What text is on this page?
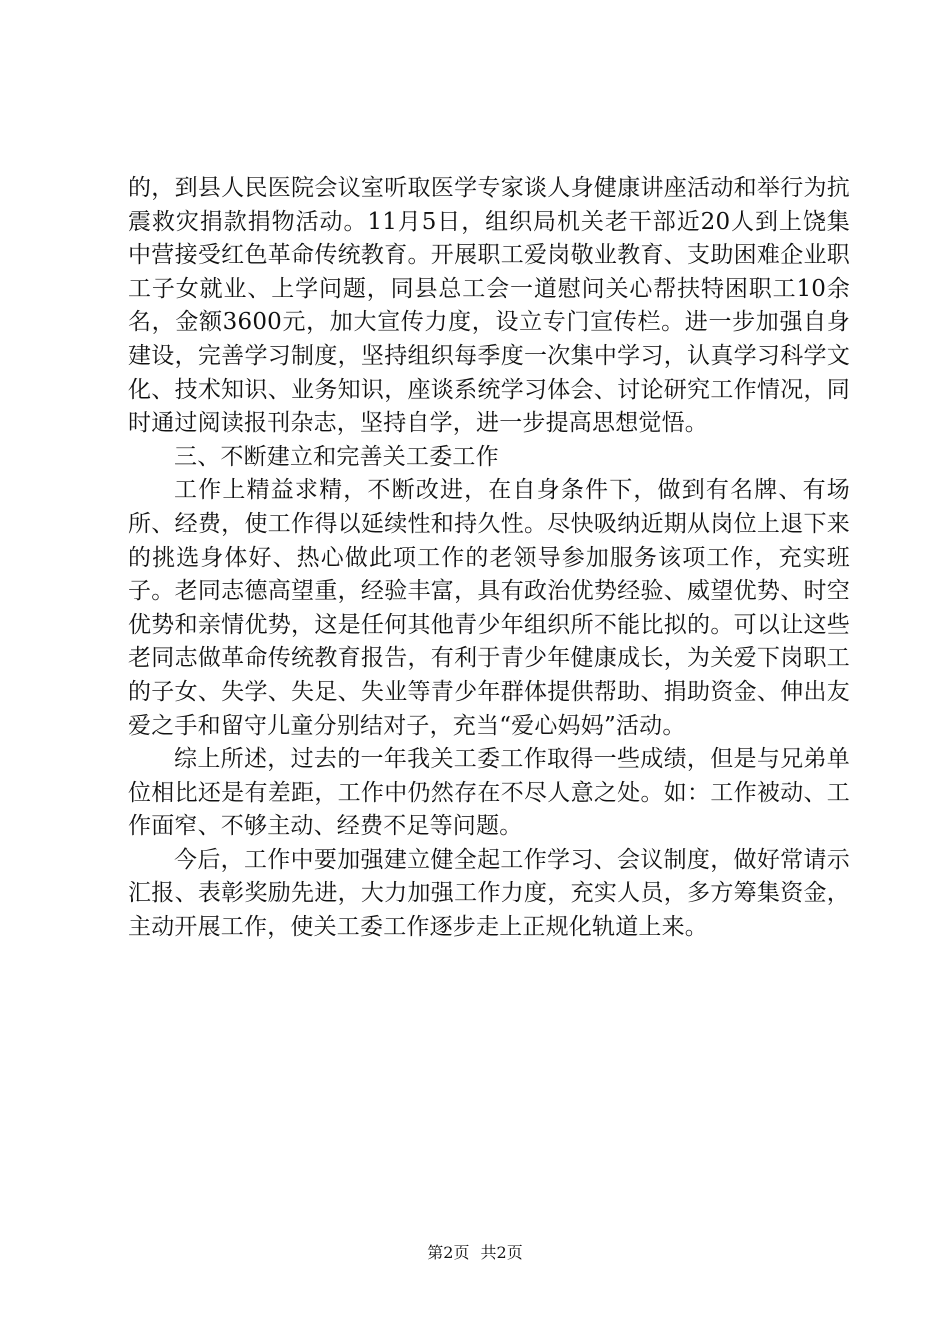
的，到县人民医院会议室听取医学专家谈人身健康讲座活动和举行为抗震救灾捐款捐物活动。11月5日，组织局机关老干部近20人到上饶集中营接受红色革命传统教育。开展职工爱岗敬业教育、支助困难企业职工子女就业、上学问题，同县总工会一道慰问关心帮扶特困职工10余名，金额3600元，加大宣传力度，设立专门宣传栏。进一步加强自身建设，完善学习制度，坚持组织每季度一次集中学习，认真学习科学文化、技术知识、业务知识，座谈系统学习体会、讨论研究工作情况，同时通过阅读报刊杂志，坚持自学，进一步提高思想觉悟。

三、不断建立和完善关工委工作

工作上精益求精，不断改进，在自身条件下，做到有名牌、有场所、经费，使工作得以延续性和持久性。尽快吸纳近期从岗位上退下来的挑选身体好、热心做此项工作的老领导参加服务该项工作，充实班子。老同志德高望重，经验丰富，具有政治优势经验、威望优势、时空优势和亲情优势，这是任何其他青少年组织所不能比拟的。可以让这些老同志做革命传统教育报告，有利于青少年健康成长，为关爱下岗职工的子女、失学、失足、失业等青少年群体提供帮助、捐助资金、伸出友爱之手和留守儿童分别结对子，充当“爱心妈妈”活动。

综上所述，过去的一年我关工委工作取得一些成绩，但是与兄弟单位相比还是有差距，工作中仍然存在不尽人意之处。如：工作被动、工作面窄、不够主动、经费不足等问题。

今后，工作中要加强建立健全起工作学习、会议制度，做好常请示汇报、表彰奖励先进，大力加强工作力度，充实人员，多方筹集资金，主动开展工作，使关工委工作逐步走上正规化轨道上来。

第2页 共2页
